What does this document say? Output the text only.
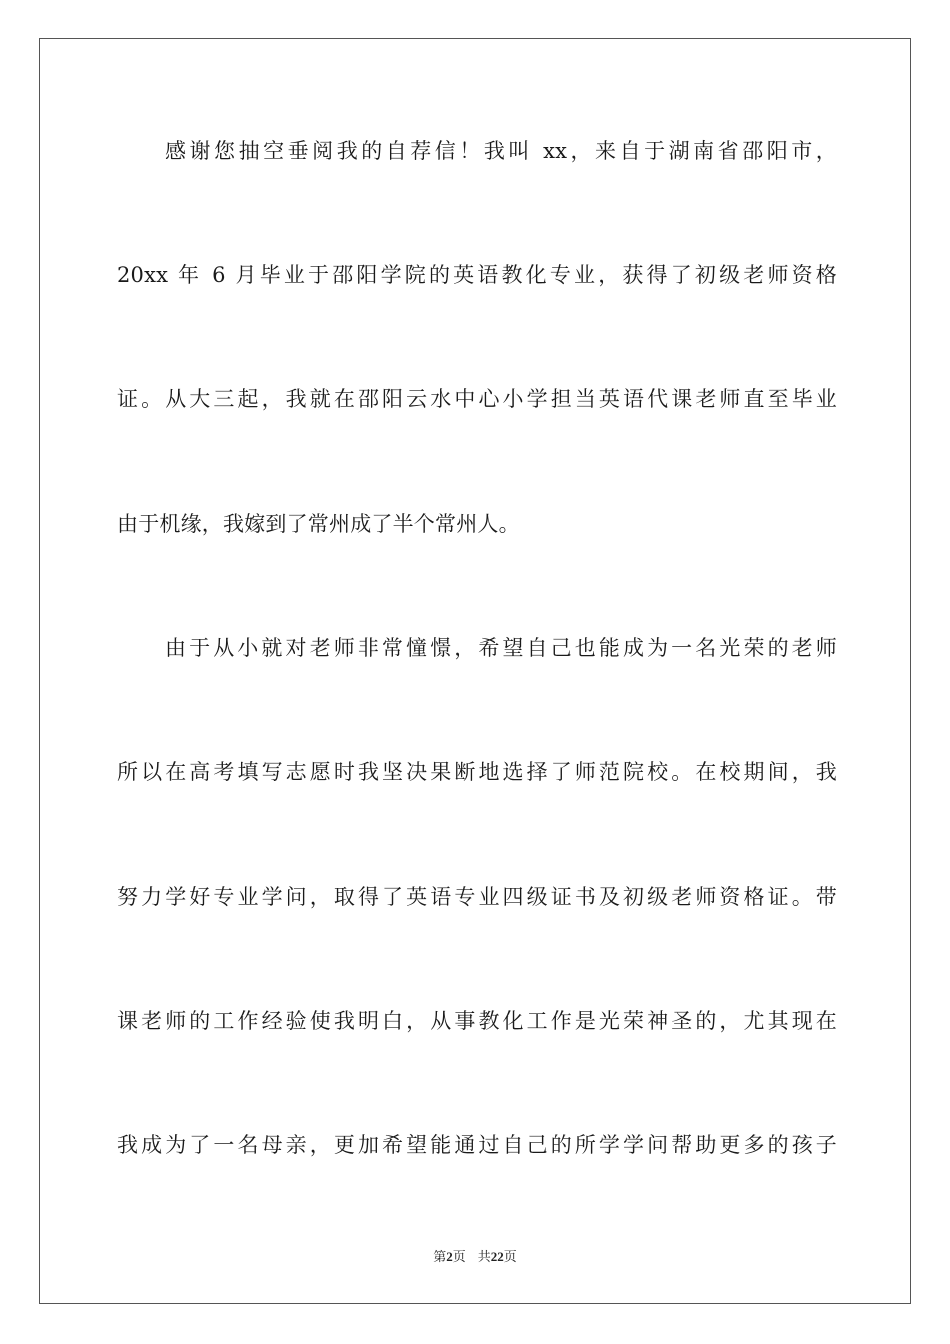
感谢您抽空垂阅我的自荐信！我叫 xx，来自于湖南省邵阳市，
20xx 年 6 月毕业于邵阳学院的英语教化专业，获得了初级老师资格
证。从大三起，我就在邵阳云水中心小学担当英语代课老师直至毕业
由于机缘，我嫁到了常州成了半个常州人。
由于从小就对老师非常憧憬，希望自己也能成为一名光荣的老师
所以在高考填写志愿时我坚决果断地选择了师范院校。在校期间，我
努力学好专业学问，取得了英语专业四级证书及初级老师资格证。带
课老师的工作经验使我明白，从事教化工作是光荣神圣的，尤其现在
我成为了一名母亲，更加希望能通过自己的所学学问帮助更多的孩子
第2页 共22页
